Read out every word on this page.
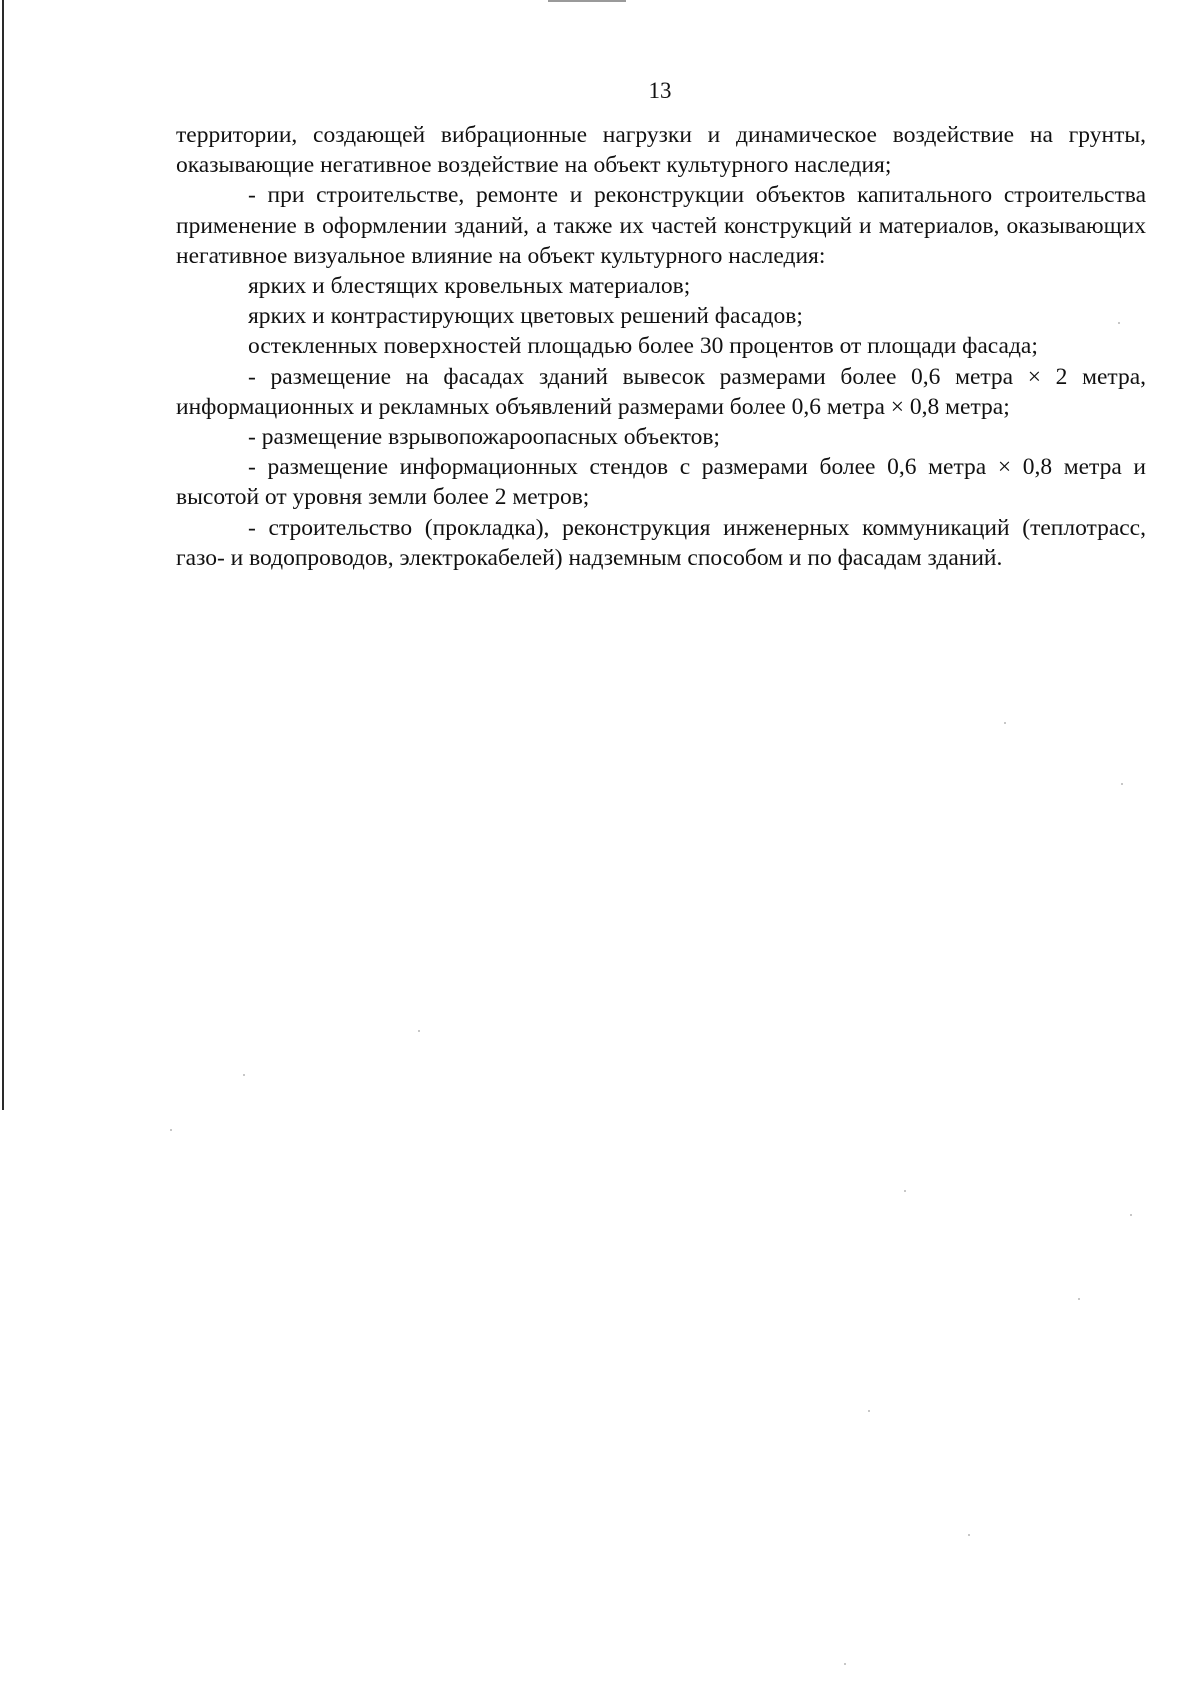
13

территории, создающей вибрационные нагрузки и динамическое воздействие на грунты, оказывающие негативное воздействие на объект культурного наследия;

- при строительстве, ремонте и реконструкции объектов капитального строительства применение в оформлении зданий, а также их частей конструкций и материалов, оказывающих негативное визуальное влияние на объект культурного наследия:

ярких и блестящих кровельных материалов;

ярких и контрастирующих цветовых решений фасадов;

остекленных поверхностей площадью более 30 процентов от площади фасада;

- размещение на фасадах зданий вывесок размерами более 0,6 метра × 2 метра, информационных и рекламных объявлений размерами более 0,6 метра × 0,8 метра;

- размещение взрывопожароопасных объектов;

- размещение информационных стендов с размерами более 0,6 метра × 0,8 метра и высотой от уровня земли более 2 метров;

- строительство (прокладка), реконструкция инженерных коммуникаций (теплотрасс, газо- и водопроводов, электрокабелей) надземным способом и по фасадам зданий.
